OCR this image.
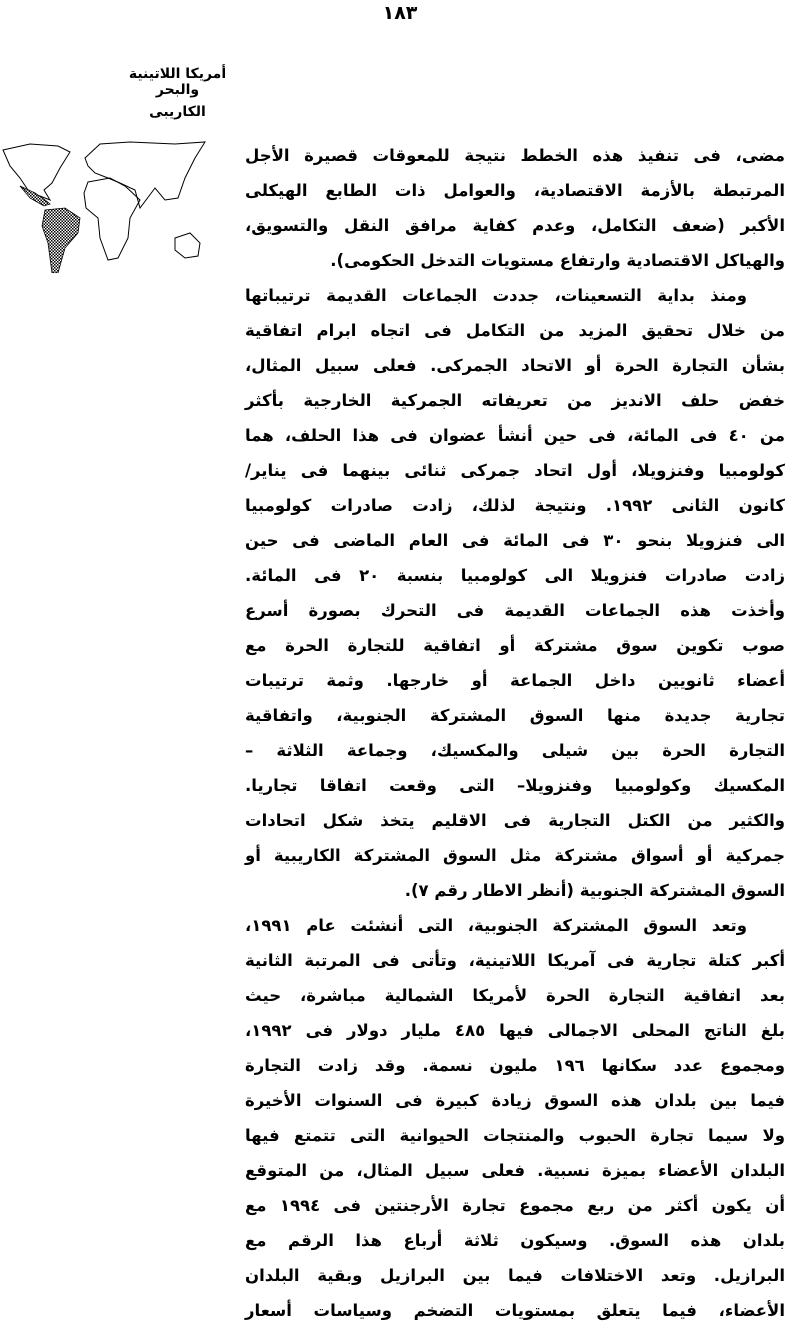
١٨٣
أمريكا اللاتينية والبحر
الكاريبى
مضى، فى تنفيذ هذه الخطط نتيجة للمعوقات قصيرة الأجل
المرتبطة بالأزمة الاقتصادية، والعوامل ذات الطابع الهيكلى
الأكبر (ضعف التكامل، وعدم كفاية مرافق النقل والتسويق،
والهياكل الاقتصادية وارتفاع مستويات التدخل الحكومى).
ومنذ بداية التسعينات، جددت الجماعات القديمة ترتيباتها
من خلال تحقيق المزيد من التكامل فى اتجاه ابرام اتفاقية
بشأن التجارة الحرة أو الاتحاد الجمركى. فعلى سبيل المثال،
خفض حلف الانديز من تعريفاته الجمركية الخارجية بأكثر
من ٤٠ فى المائة، فى حين أنشأ عضوان فى هذا الحلف، هما
كولومبيا وفنزويلا، أول اتحاد جمركى ثنائى بينهما فى يناير/
كانون الثانى ١٩٩٢. ونتيجة لذلك، زادت صادرات كولومبيا
الى فنزويلا بنحو ٣٠ فى المائة فى العام الماضى فى حين
زادت صادرات فنزويلا الى كولومبيا بنسبة ٢٠ فى المائة.
وأخذت هذه الجماعات القديمة فى التحرك بصورة أسرع
صوب تكوين سوق مشتركة أو اتفاقية للتجارة الحرة مع
أعضاء ثانويين داخل الجماعة أو خارجها. وثمة ترتيبات
تجارية جديدة منها السوق المشتركة الجنوبية، واتفاقية
التجارة الحرة بين شيلى والمكسيك، وجماعة الثلاثة –
المكسيك وكولومبيا وفنزويلا– التى وقعت اتفاقا تجاريا.
والكثير من الكتل التجارية فى الاقليم يتخذ شكل اتحادات
جمركية أو أسواق مشتركة مثل السوق المشتركة الكاريبية أو
السوق المشتركة الجنوبية (أنظر الاطار رقم ٧).
وتعد السوق المشتركة الجنوبية، التى أنشئت عام ١٩٩١،
أكبر كتلة تجارية فى آمريكا اللاتينية، وتأتى فى المرتبة الثانية
بعد اتفاقية التجارة الحرة لأمريكا الشمالية مباشرة، حيث
بلغ الناتج المحلى الاجمالى فيها ٤٨٥ مليار دولار فى ١٩٩٢،
ومجموع عدد سكانها ١٩٦ مليون نسمة. وقد زادت التجارة
فيما بين بلدان هذه السوق زيادة كبيرة فى السنوات الأخيرة
ولا سيما تجارة الحبوب والمنتجات الحيوانية التى تتمتع فيها
البلدان الأعضاء بميزة نسبية. فعلى سبيل المثال، من المتوقع
أن يكون أكثر من ربع مجموع تجارة الأرجنتين فى ١٩٩٤ مع
بلدان هذه السوق. وسيكون ثلاثة أرباع هذا الرقم مع
البرازيل. وتعد الاختلافات فيما بين البرازيل وبقية البلدان
الأعضاء، فيما يتعلق بمستويات التضخم وسياسات أسعار
